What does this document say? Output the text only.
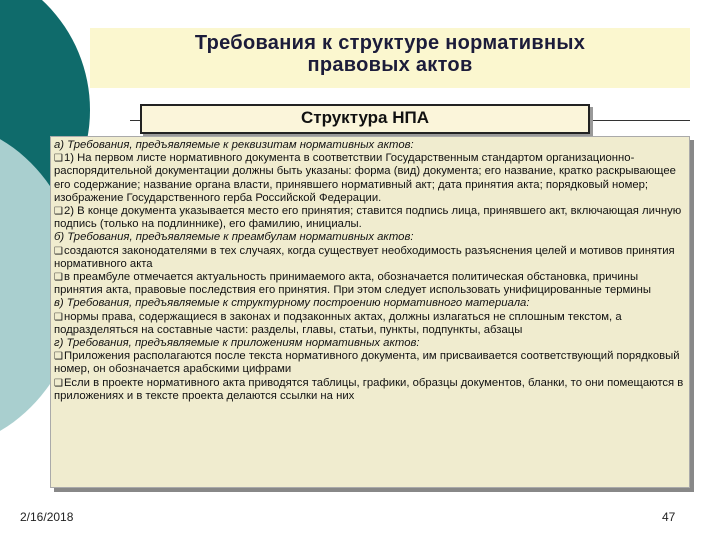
Требования к структуре нормативных
правовых актов
Структура НПА

а) Требования, предъявляемые к реквизитам нормативных актов:

❑1) На первом листе нормативного документа в соответствии Государственным стандартом организационно-распорядительной документации должны быть указаны: форма (вид) документа; его название, кратко раскрывающее его содержание; название органа власти, принявшего нормативный акт; дата принятия акта; порядковый номер; изображение Государственного герба Российской Федерации.

❑2) В конце документа указывается место его принятия; ставится подпись лица, принявшего акт, включающая личную подпись (только на подлиннике), его фамилию, инициалы.

б) Требования, предъявляемые к преамбулам нормативных актов:

❑создаются законодателями в тех случаях, когда существует необходимость разъяснения целей и мотивов принятия нормативного акта

❑в преамбуле отмечается актуальность принимаемого акта, обозначается политическая обстановка, причины принятия акта, правовые последствия его принятия. При этом следует использовать унифицированные термины

в) Требования, предъявляемые к структурному построению нормативного материала:

❑нормы права, содержащиеся в законах и подзаконных актах, должны излагаться не сплошным текстом, а подразделяться на составные части: разделы, главы, статьи, пункты, подпункты, абзацы

г) Требования, предъявляемые к приложениям нормативных актов:

❑Приложения располагаются после текста нормативного документа, им присваивается соответствующий порядковый номер, он обозначается арабскими цифрами

❑Если в проекте нормативного акта приводятся таблицы, графики, образцы документов, бланки, то они помещаются в приложениях и в тексте проекта делаются ссылки на них

2/16/2018	47
